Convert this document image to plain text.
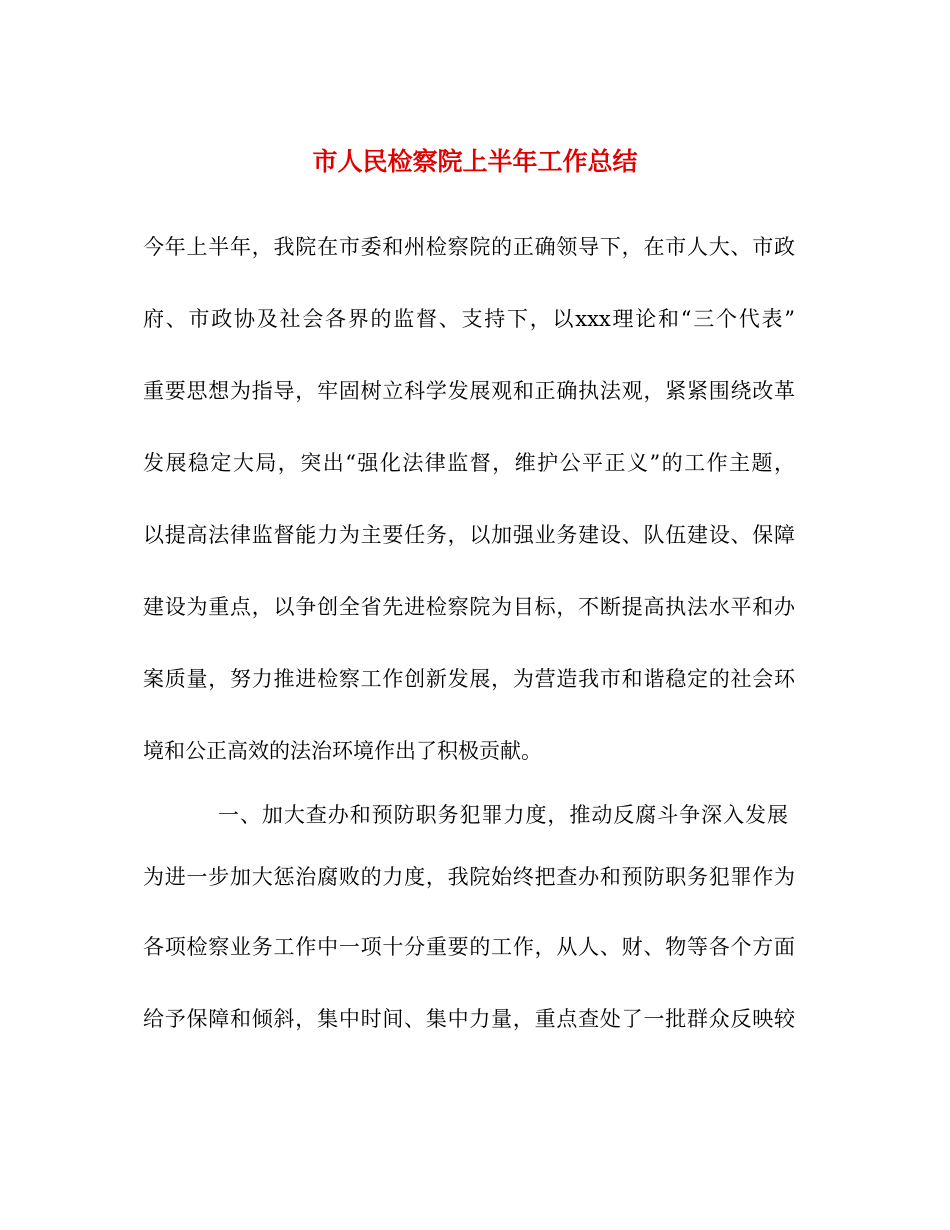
市人民检察院上半年工作总结
今年上半年，我院在市委和州检察院的正确领导下，在市人大、市政
府、市政协及社会各界的监督、支持下，以xxx理论和“三个代表”
重要思想为指导，牢固树立科学发展观和正确执法观，紧紧围绕改革
发展稳定大局，突出“强化法律监督，维护公平正义”的工作主题，
以提高法律监督能力为主要任务，以加强业务建设、队伍建设、保障
建设为重点，以争创全省先进检察院为目标，不断提高执法水平和办
案质量，努力推进检察工作创新发展，为营造我市和谐稳定的社会环
境和公正高效的法治环境作出了积极贡献。
一、加大查办和预防职务犯罪力度，推动反腐斗争深入发展
为进一步加大惩治腐败的力度，我院始终把查办和预防职务犯罪作为
各项检察业务工作中一项十分重要的工作，从人、财、物等各个方面
给予保障和倾斜，集中时间、集中力量，重点查处了一批群众反映较
